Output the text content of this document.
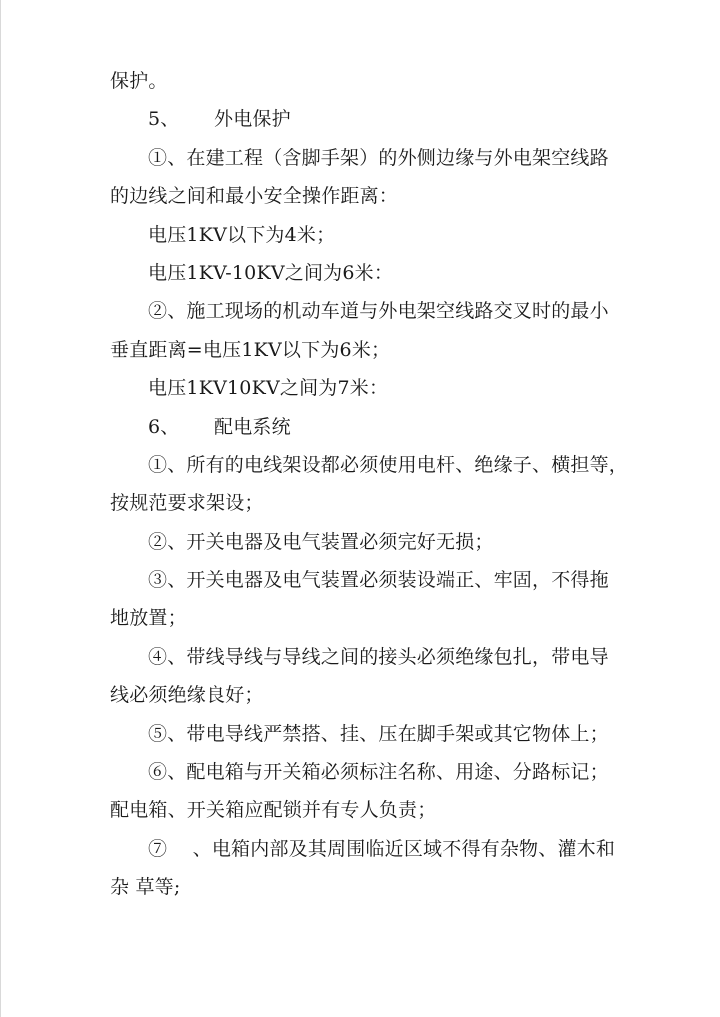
保护。
5、 外电保护
①、在建工程（含脚手架）的外侧边缘与外电架空线路
的边线之间和最小安全操作距离：
电压1KV以下为4米；
电压1KV-10KV之间为6米：
②、施工现场的机动车道与外电架空线路交叉时的最小
垂直距离=电压1KV以下为6米；
电压1KV10KV之间为7米：
6、 配电系统
①、所有的电线架设都必须使用电杆、绝缘子、横担等，
按规范要求架设；
②、开关电器及电气装置必须完好无损；
③、开关电器及电气装置必须装设端正、牢固，不得拖
地放置；
④、带线导线与导线之间的接头必须绝缘包扎，带电导
线必须绝缘良好；
⑤、带电导线严禁搭、挂、压在脚手架或其它物体上；
⑥、配电箱与开关箱必须标注名称、用途、分路标记；
配电箱、开关箱应配锁并有专人负责；
⑦　 、电箱内部及其周围临近区域不得有杂物、灌木和
杂 草等;
